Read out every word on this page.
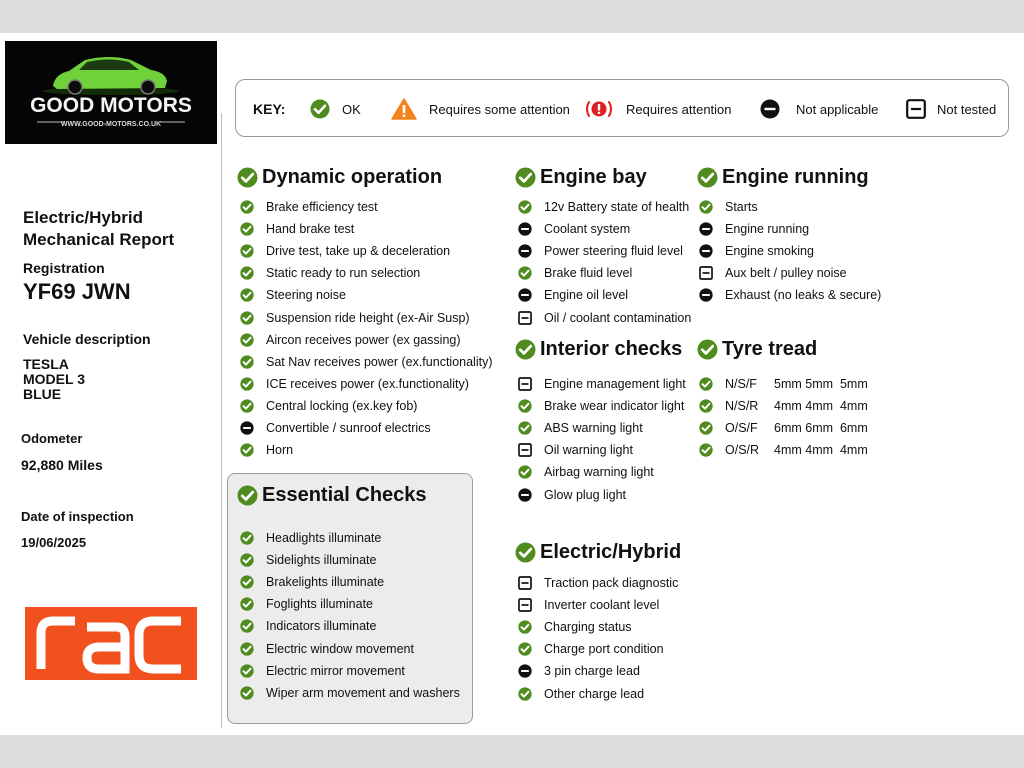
GOOD MOTORS
WWW.GOOD-MOTORS.CO.UK
Electric/Hybrid
Mechanical Report
Registration
YF69 JWN
Vehicle description
TESLA
MODEL 3
BLUE
Odometer
92,880 Miles
Date of inspection
19/06/2025
KEY:	OK	Requires some attention	Requires attention	Not applicable	Not tested
Dynamic operation
Essential Checks
Engine bay
Interior checks
Electric/Hybrid
Engine running
Tyre tread
Brake efficiency test
Hand brake test
Drive test, take up & deceleration
Static ready to run selection
Steering noise
Suspension ride height (ex-Air Susp)
Aircon receives power (ex gassing)
Sat Nav receives power (ex.functionality)
ICE receives power (ex.functionality)
Central locking (ex.key fob)
Convertible / sunroof electrics
Horn
Headlights illuminate
Sidelights illuminate
Brakelights illuminate
Foglights illuminate
Indicators illuminate
Electric window movement
Electric mirror movement
Wiper arm movement and washers
12v Battery state of health
Coolant system
Power steering fluid level
Brake fluid level
Engine oil level
Oil / coolant contamination
Engine management light
Brake wear indicator light
ABS warning light
Oil warning light
Airbag warning light
Glow plug light
Traction pack diagnostic
Inverter coolant level
Charging status
Charge port condition
3 pin charge lead
Other charge lead
Starts
Engine running
Engine smoking
Aux belt / pulley noise
Exhaust (no leaks & secure)
N/S/F 5mm 5mm  5mm
N/S/R 4mm 4mm  4mm
O/S/F 6mm 6mm  6mm
O/S/R 4mm 4mm  4mm
